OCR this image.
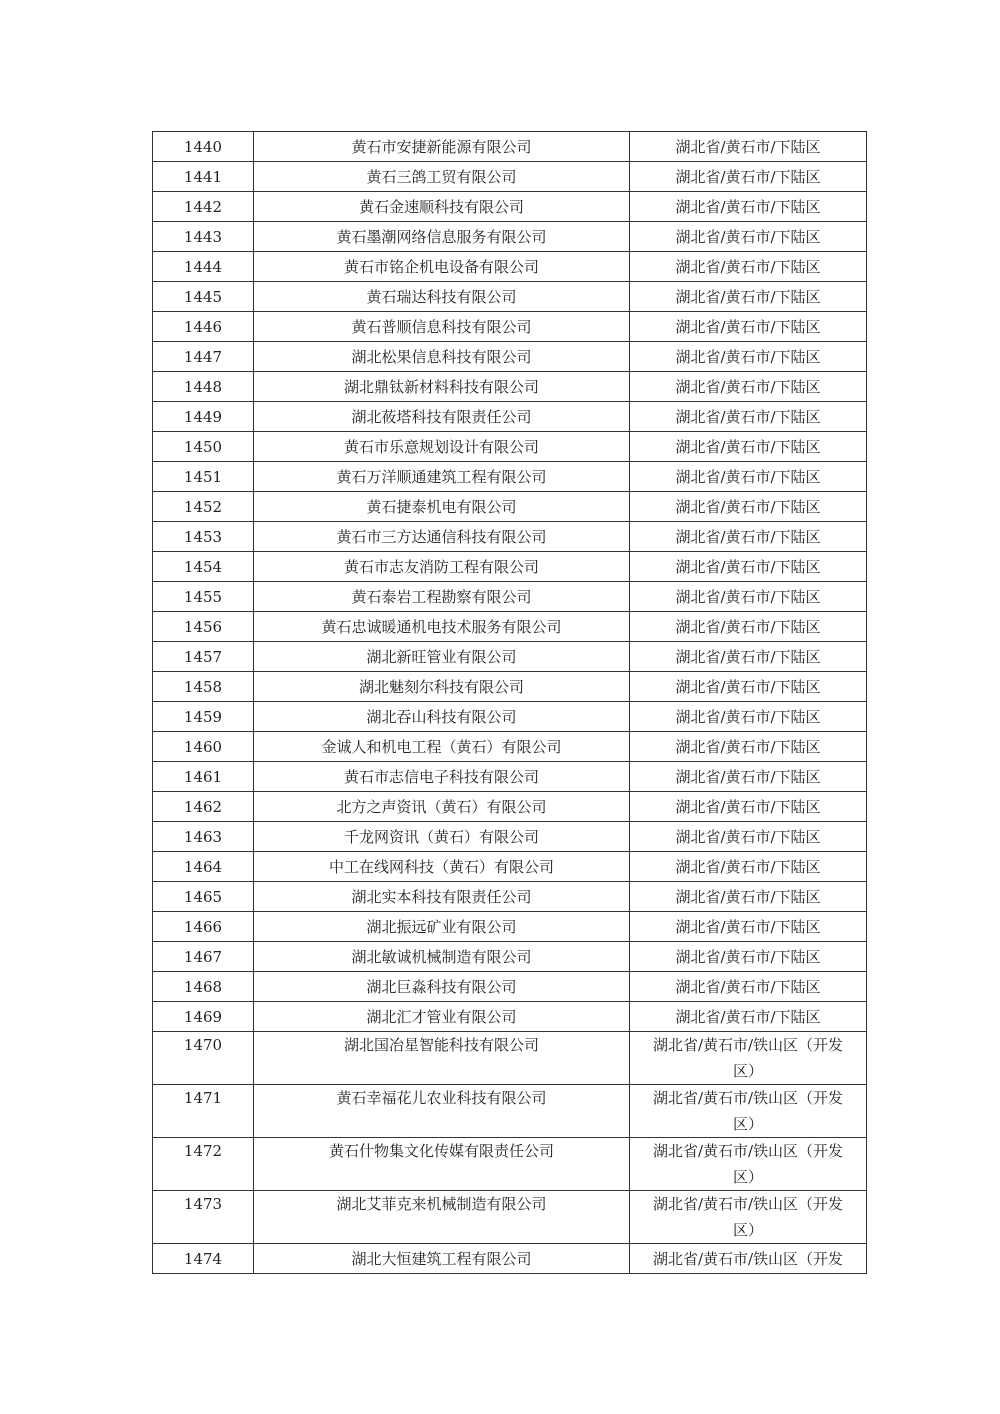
1440	黄石市安捷新能源有限公司	湖北省/黄石市/下陆区
1441	黄石三鸽工贸有限公司	湖北省/黄石市/下陆区
1442	黄石金速顺科技有限公司	湖北省/黄石市/下陆区
1443	黄石墨潮网络信息服务有限公司	湖北省/黄石市/下陆区
1444	黄石市铭企机电设备有限公司	湖北省/黄石市/下陆区
1445	黄石瑞达科技有限公司	湖北省/黄石市/下陆区
1446	黄石普顺信息科技有限公司	湖北省/黄石市/下陆区
1447	湖北松果信息科技有限公司	湖北省/黄石市/下陆区
1448	湖北鼎钛新材料科技有限公司	湖北省/黄石市/下陆区
1449	湖北莜塔科技有限责任公司	湖北省/黄石市/下陆区
1450	黄石市乐意规划设计有限公司	湖北省/黄石市/下陆区
1451	黄石万洋顺通建筑工程有限公司	湖北省/黄石市/下陆区
1452	黄石捷泰机电有限公司	湖北省/黄石市/下陆区
1453	黄石市三方达通信科技有限公司	湖北省/黄石市/下陆区
1454	黄石市志友消防工程有限公司	湖北省/黄石市/下陆区
1455	黄石泰岩工程勘察有限公司	湖北省/黄石市/下陆区
1456	黄石忠诚暖通机电技术服务有限公司	湖北省/黄石市/下陆区
1457	湖北新旺管业有限公司	湖北省/黄石市/下陆区
1458	湖北魅刻尔科技有限公司	湖北省/黄石市/下陆区
1459	湖北吞山科技有限公司	湖北省/黄石市/下陆区
1460	金诚人和机电工程（黄石）有限公司	湖北省/黄石市/下陆区
1461	黄石市志信电子科技有限公司	湖北省/黄石市/下陆区
1462	北方之声资讯（黄石）有限公司	湖北省/黄石市/下陆区
1463	千龙网资讯（黄石）有限公司	湖北省/黄石市/下陆区
1464	中工在线网科技（黄石）有限公司	湖北省/黄石市/下陆区
1465	湖北实本科技有限责任公司	湖北省/黄石市/下陆区
1466	湖北振远矿业有限公司	湖北省/黄石市/下陆区
1467	湖北敏诚机械制造有限公司	湖北省/黄石市/下陆区
1468	湖北巨淼科技有限公司	湖北省/黄石市/下陆区
1469	湖北汇才管业有限公司	湖北省/黄石市/下陆区
1470	湖北国冶星智能科技有限公司	湖北省/黄石市/铁山区（开发区）
1471	黄石幸福花儿农业科技有限公司	湖北省/黄石市/铁山区（开发区）
1472	黄石什物集文化传媒有限责任公司	湖北省/黄石市/铁山区（开发区）
1473	湖北艾菲克来机械制造有限公司	湖北省/黄石市/铁山区（开发区）
1474	湖北大恒建筑工程有限公司	湖北省/黄石市/铁山区（开发
